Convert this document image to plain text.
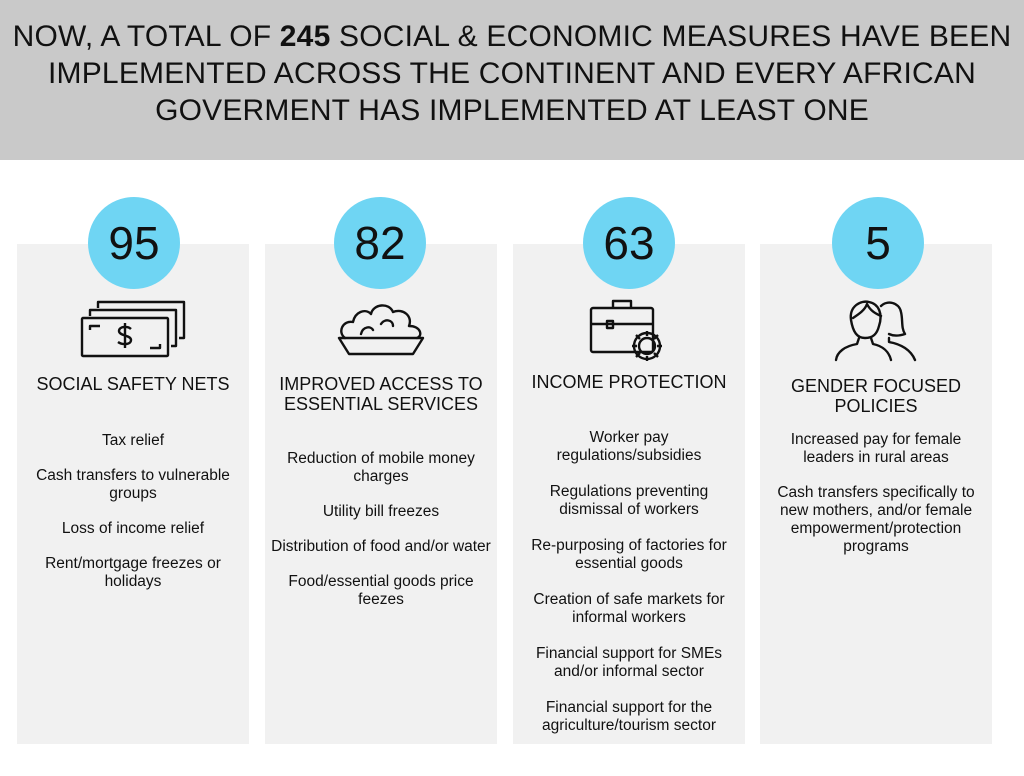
NOW, A TOTAL OF 245 SOCIAL & ECONOMIC MEASURES HAVE BEEN IMPLEMENTED ACROSS THE CONTINENT AND EVERY AFRICAN GOVERMENT HAS IMPLEMENTED AT LEAST ONE
SOCIAL SAFETY NETS
Tax relief
Cash transfers to vulnerable groups
Loss of income relief
Rent/mortgage freezes or holidays
95
IMPROVED ACCESS TO ESSENTIAL SERVICES
Reduction of mobile money charges
Utility bill freezes
Distribution of food and/or water
Food/essential goods price feezes
82
INCOME PROTECTION
Worker pay regulations/subsidies
Regulations preventing dismissal of workers
Re-purposing of factories for essential goods
Creation of safe markets for informal workers
Financial support for SMEs and/or informal sector
Financial support for the agriculture/tourism sector
63
GENDER FOCUSED POLICIES
Increased pay for female leaders in rural areas
Cash transfers specifically to new mothers, and/or female empowerment/protection programs
5
